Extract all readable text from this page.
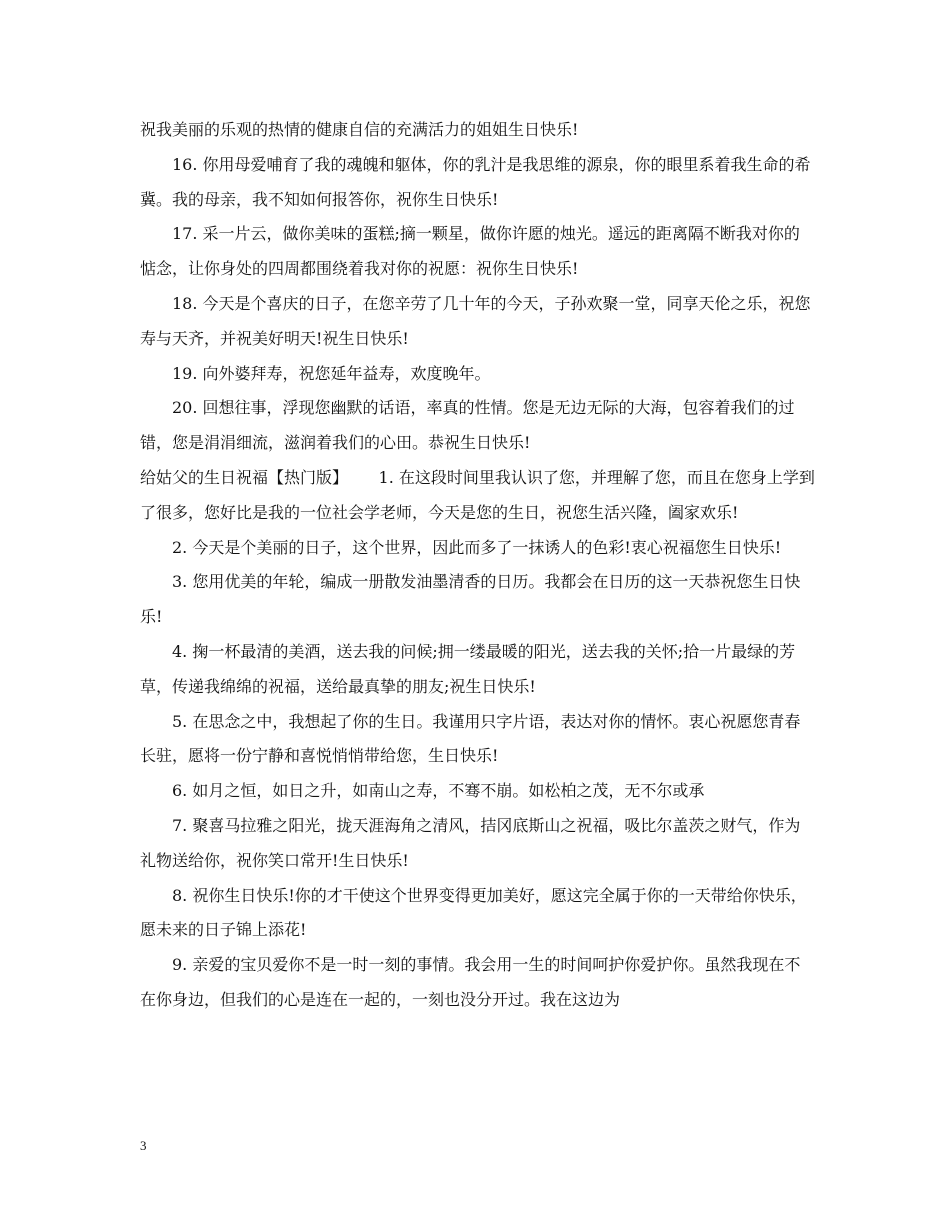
祝我美丽的乐观的热情的健康自信的充满活力的姐姐生日快乐!

16. 你用母爱哺育了我的魂魄和躯体，你的乳汁是我思维的源泉，你的眼里系着我生命的希冀。我的母亲，我不知如何报答你，祝你生日快乐!

17. 采一片云，做你美味的蛋糕;摘一颗星，做你许愿的烛光。遥远的距离隔不断我对你的惦念，让你身处的四周都围绕着我对你的祝愿：祝你生日快乐!

18. 今天是个喜庆的日子，在您辛劳了几十年的今天，子孙欢聚一堂，同享天伦之乐，祝您寿与天齐，并祝美好明天!祝生日快乐!

19. 向外婆拜寿，祝您延年益寿，欢度晚年。

20. 回想往事，浮现您幽默的话语，率真的性情。您是无边无际的大海，包容着我们的过错，您是涓涓细流，滋润着我们的心田。恭祝生日快乐!

给姑父的生日祝福【热门版】      1. 在这段时间里我认识了您，并理解了您，而且在您身上学到了很多，您好比是我的一位社会学老师，今天是您的生日，祝您生活兴隆，阖家欢乐!

2. 今天是个美丽的日子，这个世界，因此而多了一抹诱人的色彩!衷心祝福您生日快乐!

3. 您用优美的年轮，编成一册散发油墨清香的日历。我都会在日历的这一天恭祝您生日快乐!

4. 掬一杯最清的美酒，送去我的问候;拥一缕最暖的阳光，送去我的关怀;拾一片最绿的芳草，传递我绵绵的祝福，送给最真挚的朋友;祝生日快乐!

5. 在思念之中，我想起了你的生日。我谨用只字片语，表达对你的情怀。衷心祝愿您青春长驻，愿将一份宁静和喜悦悄悄带给您，生日快乐!

6. 如月之恒，如日之升，如南山之寿，不骞不崩。如松柏之茂，无不尔或承

7. 聚喜马拉雅之阳光，拢天涯海角之清风，拮冈底斯山之祝福，吸比尔盖茨之财气，作为礼物送给你，祝你笑口常开!生日快乐!

8. 祝你生日快乐!你的才干使这个世界变得更加美好，愿这完全属于你的一天带给你快乐，愿未来的日子锦上添花!

9. 亲爱的宝贝爱你不是一时一刻的事情。我会用一生的时间呵护你爱护你。虽然我现在不在你身边，但我们的心是连在一起的，一刻也没分开过。我在这边为

3
